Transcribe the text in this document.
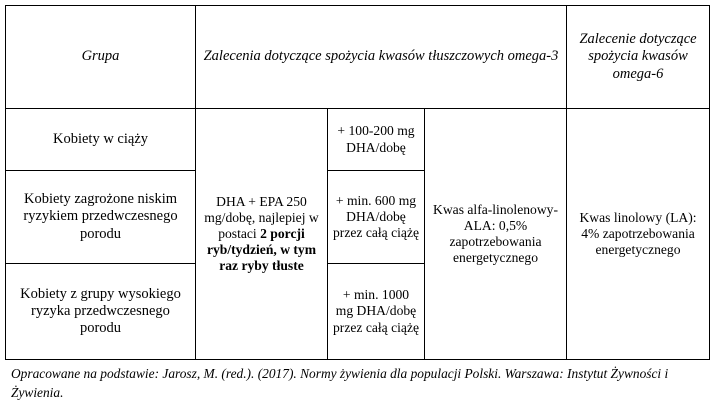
Grupa	Zalecenia dotyczące spożycia kwasów tłuszczowych omega-3			Zalecenie dotyczące spożycia kwasów omega-6
Kobiety w ciąży	DHA + EPA 250 mg/dobę, najlepiej w postaci 2 porcji ryb/tydzień, w tym raz ryby tłuste	+ 100-200 mg DHA/dobę	Kwas alfa-linolenowy-ALA: 0,5% zapotrzebowania energetycznego	Kwas linolowy (LA): 4% zapotrzebowania energetycznego
Kobiety zagrożone niskim ryzykiem przedwczesnego porodu		+ min. 600 mg DHA/dobę przez całą ciążę		
Kobiety z grupy wysokiego ryzyka przedwczesnego porodu		+ min. 1000 mg DHA/dobę przez całą ciążę		
Opracowane na podstawie: Jarosz, M. (red.). (2017). Normy żywienia dla populacji Polski. Warszawa: Instytut Żywności i Żywienia.
